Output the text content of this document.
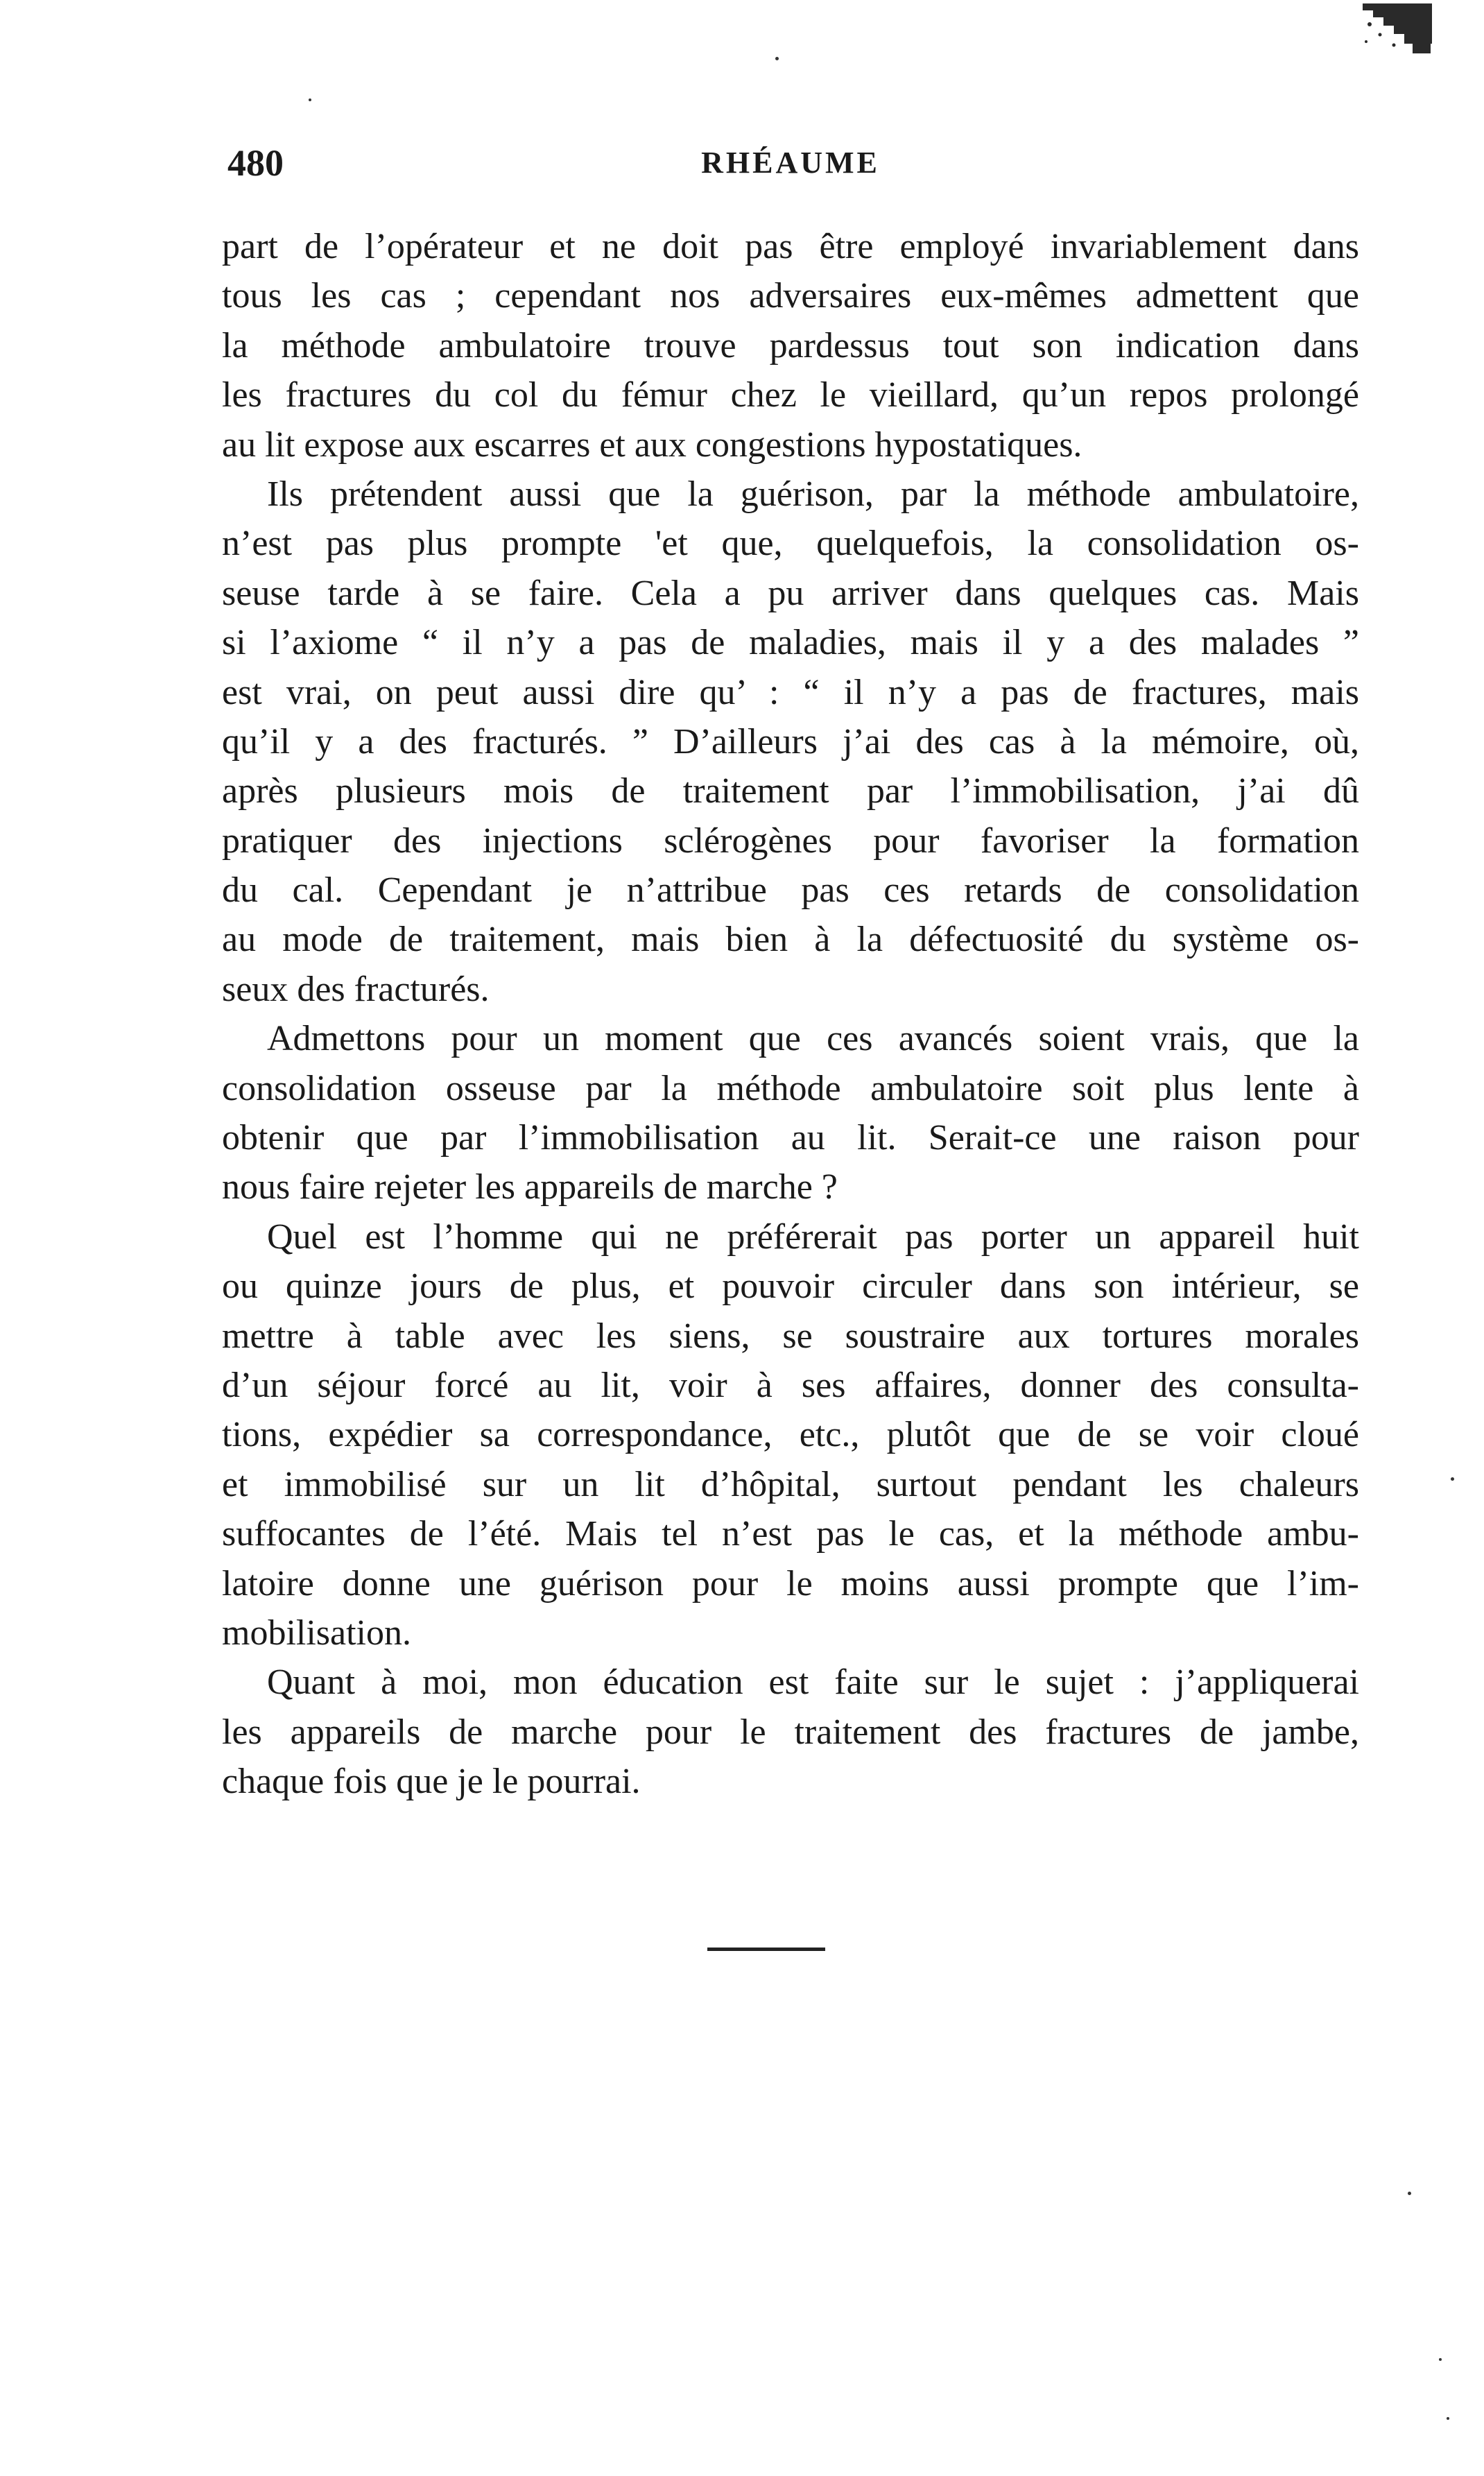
480	RHÉAUME
part de l’opérateur et ne doit pas être employé invariablement dans
tous les cas ; cependant nos adversaires eux-mêmes admettent que
la méthode ambulatoire trouve pardessus tout son indication dans
les fractures du col du fémur chez le vieillard, qu’un repos prolongé
au lit expose aux escarres et aux congestions hypostatiques.
Ils prétendent aussi que la guérison, par la méthode ambulatoire,
n’est pas plus prompte 'et que, quelquefois, la consolidation os-
seuse tarde à se faire. Cela a pu arriver dans quelques cas. Mais
si l’axiome “ il n’y a pas de maladies, mais il y a des malades ”
est vrai, on peut aussi dire qu’ : “ il n’y a pas de fractures, mais
qu’il y a des fracturés. ” D’ailleurs j’ai des cas à la mémoire, où,
après plusieurs mois de traitement par l’immobilisation, j’ai dû
pratiquer des injections sclérogènes pour favoriser la formation
du cal. Cependant je n’attribue pas ces retards de consolidation
au mode de traitement, mais bien à la défectuosité du système os-
seux des fracturés.
Admettons pour un moment que ces avancés soient vrais, que la
consolidation osseuse par la méthode ambulatoire soit plus lente à
obtenir que par l’immobilisation au lit. Serait-ce une raison pour
nous faire rejeter les appareils de marche ?
Quel est l’homme qui ne préférerait pas porter un appareil huit
ou quinze jours de plus, et pouvoir circuler dans son intérieur, se
mettre à table avec les siens, se soustraire aux tortures morales
d’un séjour forcé au lit, voir à ses affaires, donner des consulta-
tions, expédier sa correspondance, etc., plutôt que de se voir cloué
et immobilisé sur un lit d’hôpital, surtout pendant les chaleurs
suffocantes de l’été. Mais tel n’est pas le cas, et la méthode ambu-
latoire donne une guérison pour le moins aussi prompte que l’im-
mobilisation.
Quant à moi, mon éducation est faite sur le sujet : j’appliquerai
les appareils de marche pour le traitement des fractures de jambe,
chaque fois que je le pourrai.
